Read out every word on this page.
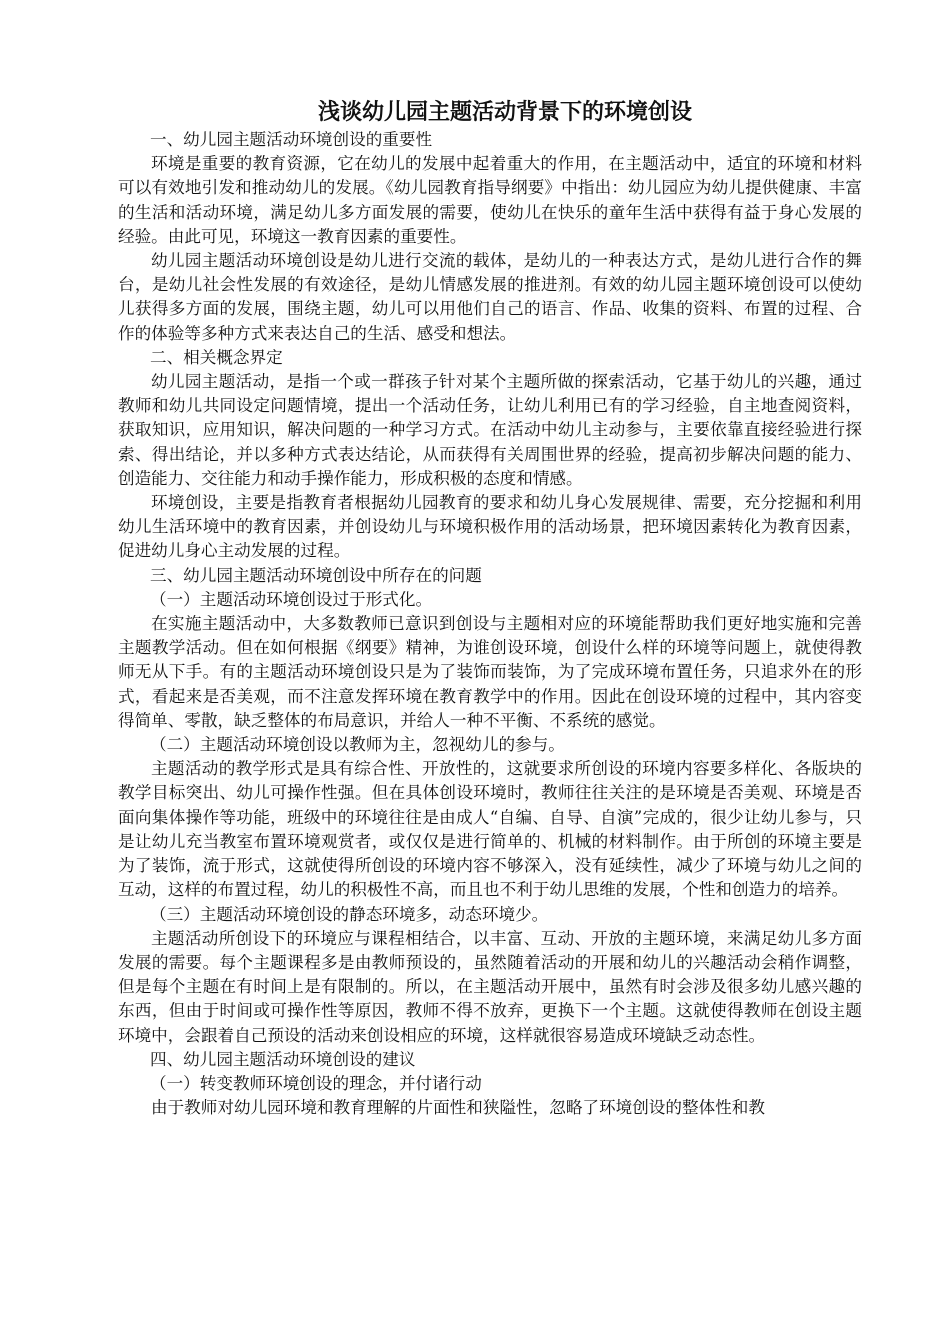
浅谈幼儿园主题活动背景下的环境创设
一、幼儿园主题活动环境创设的重要性
环境是重要的教育资源，它在幼儿的发展中起着重大的作用，在主题活动中，适宜的环境和材料可以有效地引发和推动幼儿的发展。《幼儿园教育指导纲要》中指出：幼儿园应为幼儿提供健康、丰富的生活和活动环境，满足幼儿多方面发展的需要，使幼儿在快乐的童年生活中获得有益于身心发展的经验。由此可见，环境这一教育因素的重要性。
幼儿园主题活动环境创设是幼儿进行交流的载体，是幼儿的一种表达方式，是幼儿进行合作的舞台，是幼儿社会性发展的有效途径，是幼儿情感发展的推进剂。有效的幼儿园主题环境创设可以使幼儿获得多方面的发展，围绕主题，幼儿可以用他们自己的语言、作品、收集的资料、布置的过程、合作的体验等多种方式来表达自己的生活、感受和想法。
二、相关概念界定
幼儿园主题活动，是指一个或一群孩子针对某个主题所做的探索活动，它基于幼儿的兴趣，通过教师和幼儿共同设定问题情境，提出一个活动任务，让幼儿利用已有的学习经验，自主地查阅资料，获取知识，应用知识，解决问题的一种学习方式。在活动中幼儿主动参与，主要依靠直接经验进行探索、得出结论，并以多种方式表达结论，从而获得有关周围世界的经验，提高初步解决问题的能力、创造能力、交往能力和动手操作能力，形成积极的态度和情感。
环境创设，主要是指教育者根据幼儿园教育的要求和幼儿身心发展规律、需要，充分挖掘和利用幼儿生活环境中的教育因素，并创设幼儿与环境积极作用的活动场景，把环境因素转化为教育因素，促进幼儿身心主动发展的过程。
三、幼儿园主题活动环境创设中所存在的问题
（一）主题活动环境创设过于形式化。
在实施主题活动中，大多数教师已意识到创设与主题相对应的环境能帮助我们更好地实施和完善主题教学活动。但在如何根据《纲要》精神，为谁创设环境，创设什么样的环境等问题上，就使得教师无从下手。有的主题活动环境创设只是为了装饰而装饰，为了完成环境布置任务，只追求外在的形式，看起来是否美观，而不注意发挥环境在教育教学中的作用。因此在创设环境的过程中，其内容变得简单、零散，缺乏整体的布局意识，并给人一种不平衡、不系统的感觉。
（二）主题活动环境创设以教师为主，忽视幼儿的参与。
主题活动的教学形式是具有综合性、开放性的，这就要求所创设的环境内容要多样化、各版块的教学目标突出、幼儿可操作性强。但在具体创设环境时，教师往往关注的是环境是否美观、环境是否面向集体操作等功能，班级中的环境往往是由成人“自编、自导、自演”完成的，很少让幼儿参与，只是让幼儿充当教室布置环境观赏者，或仅仅是进行简单的、机械的材料制作。由于所创的环境主要是为了装饰，流于形式，这就使得所创设的环境内容不够深入，没有延续性，减少了环境与幼儿之间的互动，这样的布置过程，幼儿的积极性不高，而且也不利于幼儿思维的发展，个性和创造力的培养。
（三）主题活动环境创设的静态环境多，动态环境少。
主题活动所创设下的环境应与课程相结合，以丰富、互动、开放的主题环境，来满足幼儿多方面发展的需要。每个主题课程多是由教师预设的，虽然随着活动的开展和幼儿的兴趣活动会稍作调整，但是每个主题在有时间上是有限制的。所以，在主题活动开展中，虽然有时会涉及很多幼儿感兴趣的东西，但由于时间或可操作性等原因，教师不得不放弃，更换下一个主题。这就使得教师在创设主题环境中，会跟着自己预设的活动来创设相应的环境，这样就很容易造成环境缺乏动态性。
四、幼儿园主题活动环境创设的建议
（一）转变教师环境创设的理念，并付诸行动
由于教师对幼儿园环境和教育理解的片面性和狭隘性，忽略了环境创设的整体性和教
